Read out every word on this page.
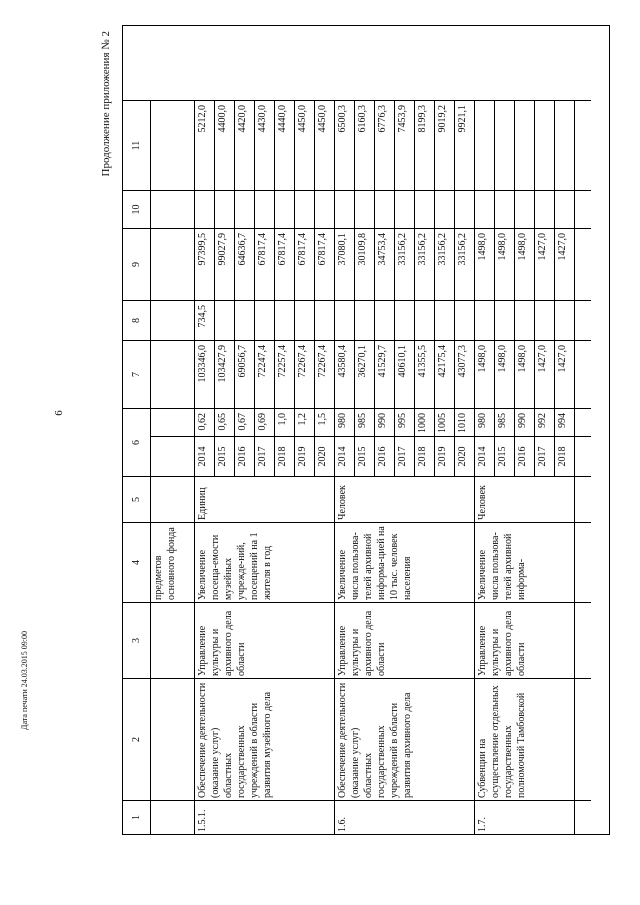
6
Дата печати 24.03.2015 09:00
Продолжение приложения № 2
1
2
3
4
5
6
7
8
9
10
11
предметов основного фонда
1.5.1.
Обеспечение деятельности (оказание услуг) областных государственных учреждений в области развития музейного дела
Управление культуры и архивного дела области
Увеличение посеща-емости музейных учрежде-ний, посещений на 1 жителя в год
Единиц
2014
0,62
103346,0
734,5
97399,5
5212,0
2015
0,65
103427,9
99027,9
4400,0
2016
0,67
69056,7
64636,7
4420,0
2017
0,69
72247,4
67817,4
4430,0
2018
1,0
72257,4
67817,4
4440,0
2019
1,2
72267,4
67817,4
4450,0
2020
1,5
72267,4
67817,4
4450,0
1.6.
Обеспечение деятельности (оказание услуг) областных государственных учреждений в области развития архивного дела
Управление культуры и архивного дела области
Увеличение числа пользова-телей архивной информа-цией на 10 тыс. человек населения
Человек
2014
980
43580,4
37080,1
6500,3
2015
985
36270,1
30109,8
6160,3
2016
990
41529,7
34753,4
6776,3
2017
995
40610,1
33156,2
7453,9
2018
1000
41355,5
33156,2
8199,3
2019
1005
42175,4
33156,2
9019,2
2020
1010
43077,3
33156,2
9921,1
1.7.
Субвенции на осуществление отдельных государственных полномочий Тамбовской
Управление культуры и архивного дела области
Увеличение числа пользова-телей архивной информа-
Человек
2014
980
1498,0
1498,0
2015
985
1498,0
1498,0
2016
990
1498,0
1498,0
2017
992
1427,0
1427,0
2018
994
1427,0
1427,0
